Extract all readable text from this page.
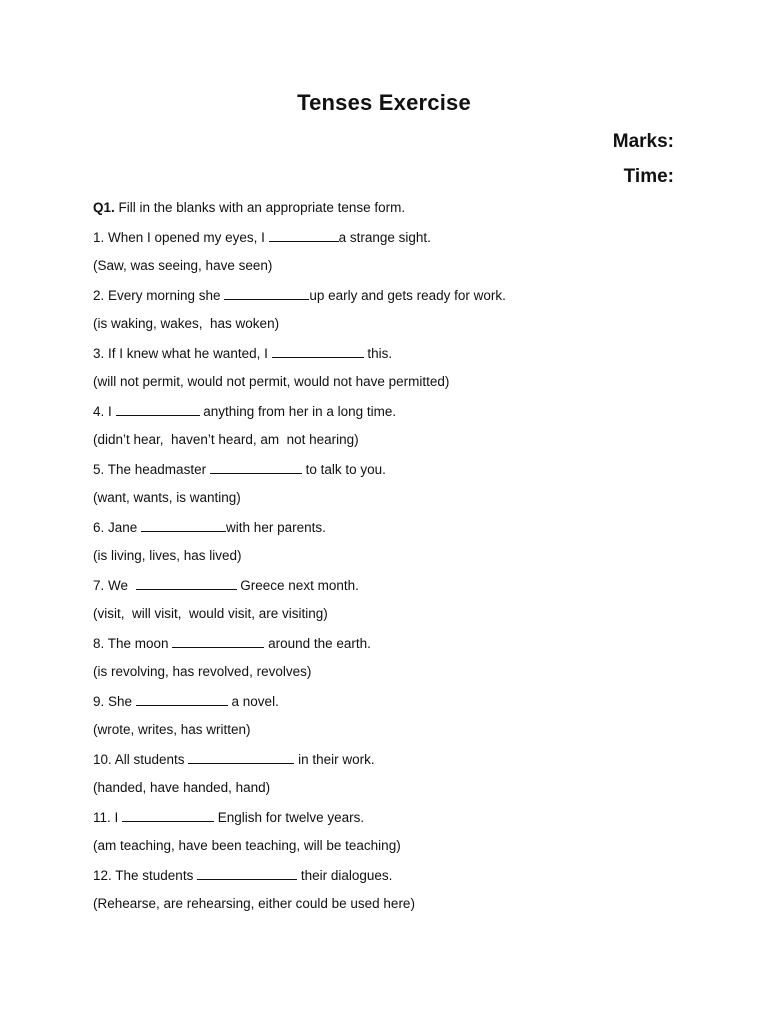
Tenses Exercise
Marks:
Time:
Q1. Fill in the blanks with an appropriate tense form.
1. When I opened my eyes, I	a strange sight.
(Saw, was seeing, have seen)
2. Every morning she	up early and gets ready for work.
(is waking, wakes,  has woken)
3. If I knew what he wanted, I	this.
(will not permit, would not permit, would not have permitted)
4. I	anything from her in a long time.
(didn’t hear,  haven’t heard, am  not hearing)
5. The headmaster	to talk to you.
(want, wants, is wanting)
6. Jane	with her parents.
(is living, lives, has lived)
7. We	Greece next month.
(visit,  will visit,  would visit, are visiting)
8. The moon	around the earth.
(is revolving, has revolved, revolves)
9. She	a novel.
(wrote, writes, has written)
10. All students	in their work.
(handed, have handed, hand)
11. I	English for twelve years.
(am teaching, have been teaching, will be teaching)
12. The students	their dialogues.
(Rehearse, are rehearsing, either could be used here)
